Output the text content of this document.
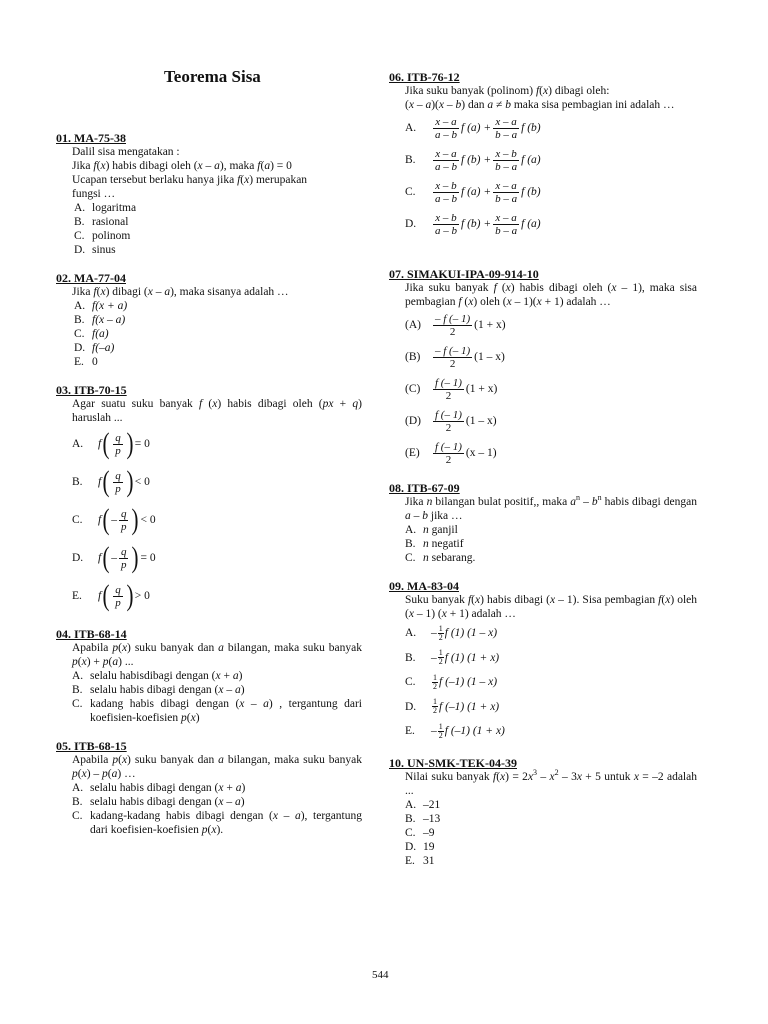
Teorema Sisa
01. MA-75-38
Dalil sisa mengatakan :
Jika f(x) habis dibagi oleh (x – a), maka f(a) = 0
Ucapan tersebut berlaku hanya jika f(x) merupakan
fungsi …
A. logaritma
B. rasional
C. polinom
D. sinus
02. MA-77-04
Jika f(x) dibagi (x – a), maka sisanya adalah …
A. f(x + a)
B. f(x – a)
C. f(a)
D. f(–a)
E. 0
03. ITB-70-15
Agar suatu suku banyak f (x) habis dibagi oleh (px + q) haruslah ...
A.	f ( $\frac{q}{p}$ ) = 0
B.	f ( $\frac{q}{p}$ ) < 0
C.	f ( – $\frac{q}{p}$ ) < 0
D.	f ( – $\frac{q}{p}$ ) = 0
E.	f ( $\frac{q}{p}$ ) > 0
04. ITB-68-14
Apabila p(x) suku banyak dan a bilangan, maka suku banyak p(x) + p(a) ...
A. selalu habisdibagi dengan (x + a)
B. selalu habis dibagi dengan (x – a)
C. kadang habis dibagi dengan (x – a) , tergantung dari koefisien-koefisien p(x)
05. ITB-68-15
Apabila p(x) suku banyak dan a bilangan, maka suku banyak p(x) – p(a) …
A. selalu habis dibagi dengan (x + a)
B. selalu habis dibagi dengan (x – a)
C. kadang-kadang habis dibagi dengan (x – a), tergantung dari koefisien-koefisien p(x).
06. ITB-76-12
Jika suku banyak (polinom) f(x) dibagi oleh:
(x – a)(x – b) dan a ≠ b maka sisa pembagian ini adalah …
A.	$\frac{x - a}{a - b}$ f $(a) + \frac{x - a}{b - a}$ f (b)
B.	$\frac{x - a}{a - b}$ f $(b) + \frac{x - b}{b - a}$ f (a)
C.	$\frac{x - b}{a - b}$ f $(a) + \frac{x - a}{b - a}$ f (b)
D.	$\frac{x - b}{a - b}$ f $(b) + \frac{x - a}{b - a}$ f (a)
07. SIMAKUI-IPA-09-914-10
Jika suku banyak f (x) habis dibagi oleh (x – 1), maka sisa pembagian f (x) oleh (x – 1)(x + 1) adalah …
(A)	$\frac{- f (- 1)}{2} (1 + x)$
(B)	$\frac{- f (- 1)}{2} (1 - x)$
(C)	$\frac{f (- 1)}{2} (1 + x)$
(D)	$\frac{f (- 1)}{2} (1 - x)$
(E)	$\frac{f (- 1)}{2} (x - 1)$
08. ITB-67-09
Jika n bilangan bulat positif,, maka $a^n - b^n$ habis dibagi dengan a – b jika …
A. n ganjil
B. n negatif
C. n sebarang.
09. MA-83-04
Suku banyak f(x) habis dibagi (x – 1). Sisa pembagian f(x) oleh (x – 1) (x + 1) adalah …
A.	– $\frac{1}{2}$ f (1) (1 – x)
B.	– $\frac{1}{2}$ f (1) (1 + x)
C.	$\frac{1}{2}$ f (–1) (1 – x)
D.	$\frac{1}{2}$ f (–1) (1 + x)
E.	– $\frac{1}{2}$ f (–1) (1 + x)
10. UN-SMK-TEK-04-39
Nilai suku banyak $f(x) = 2x^3 - x^2 - 3x + 5$ untuk x = –2 adalah ...
A. –21
B. –13
C. –9
D. 19
E. 31
544
